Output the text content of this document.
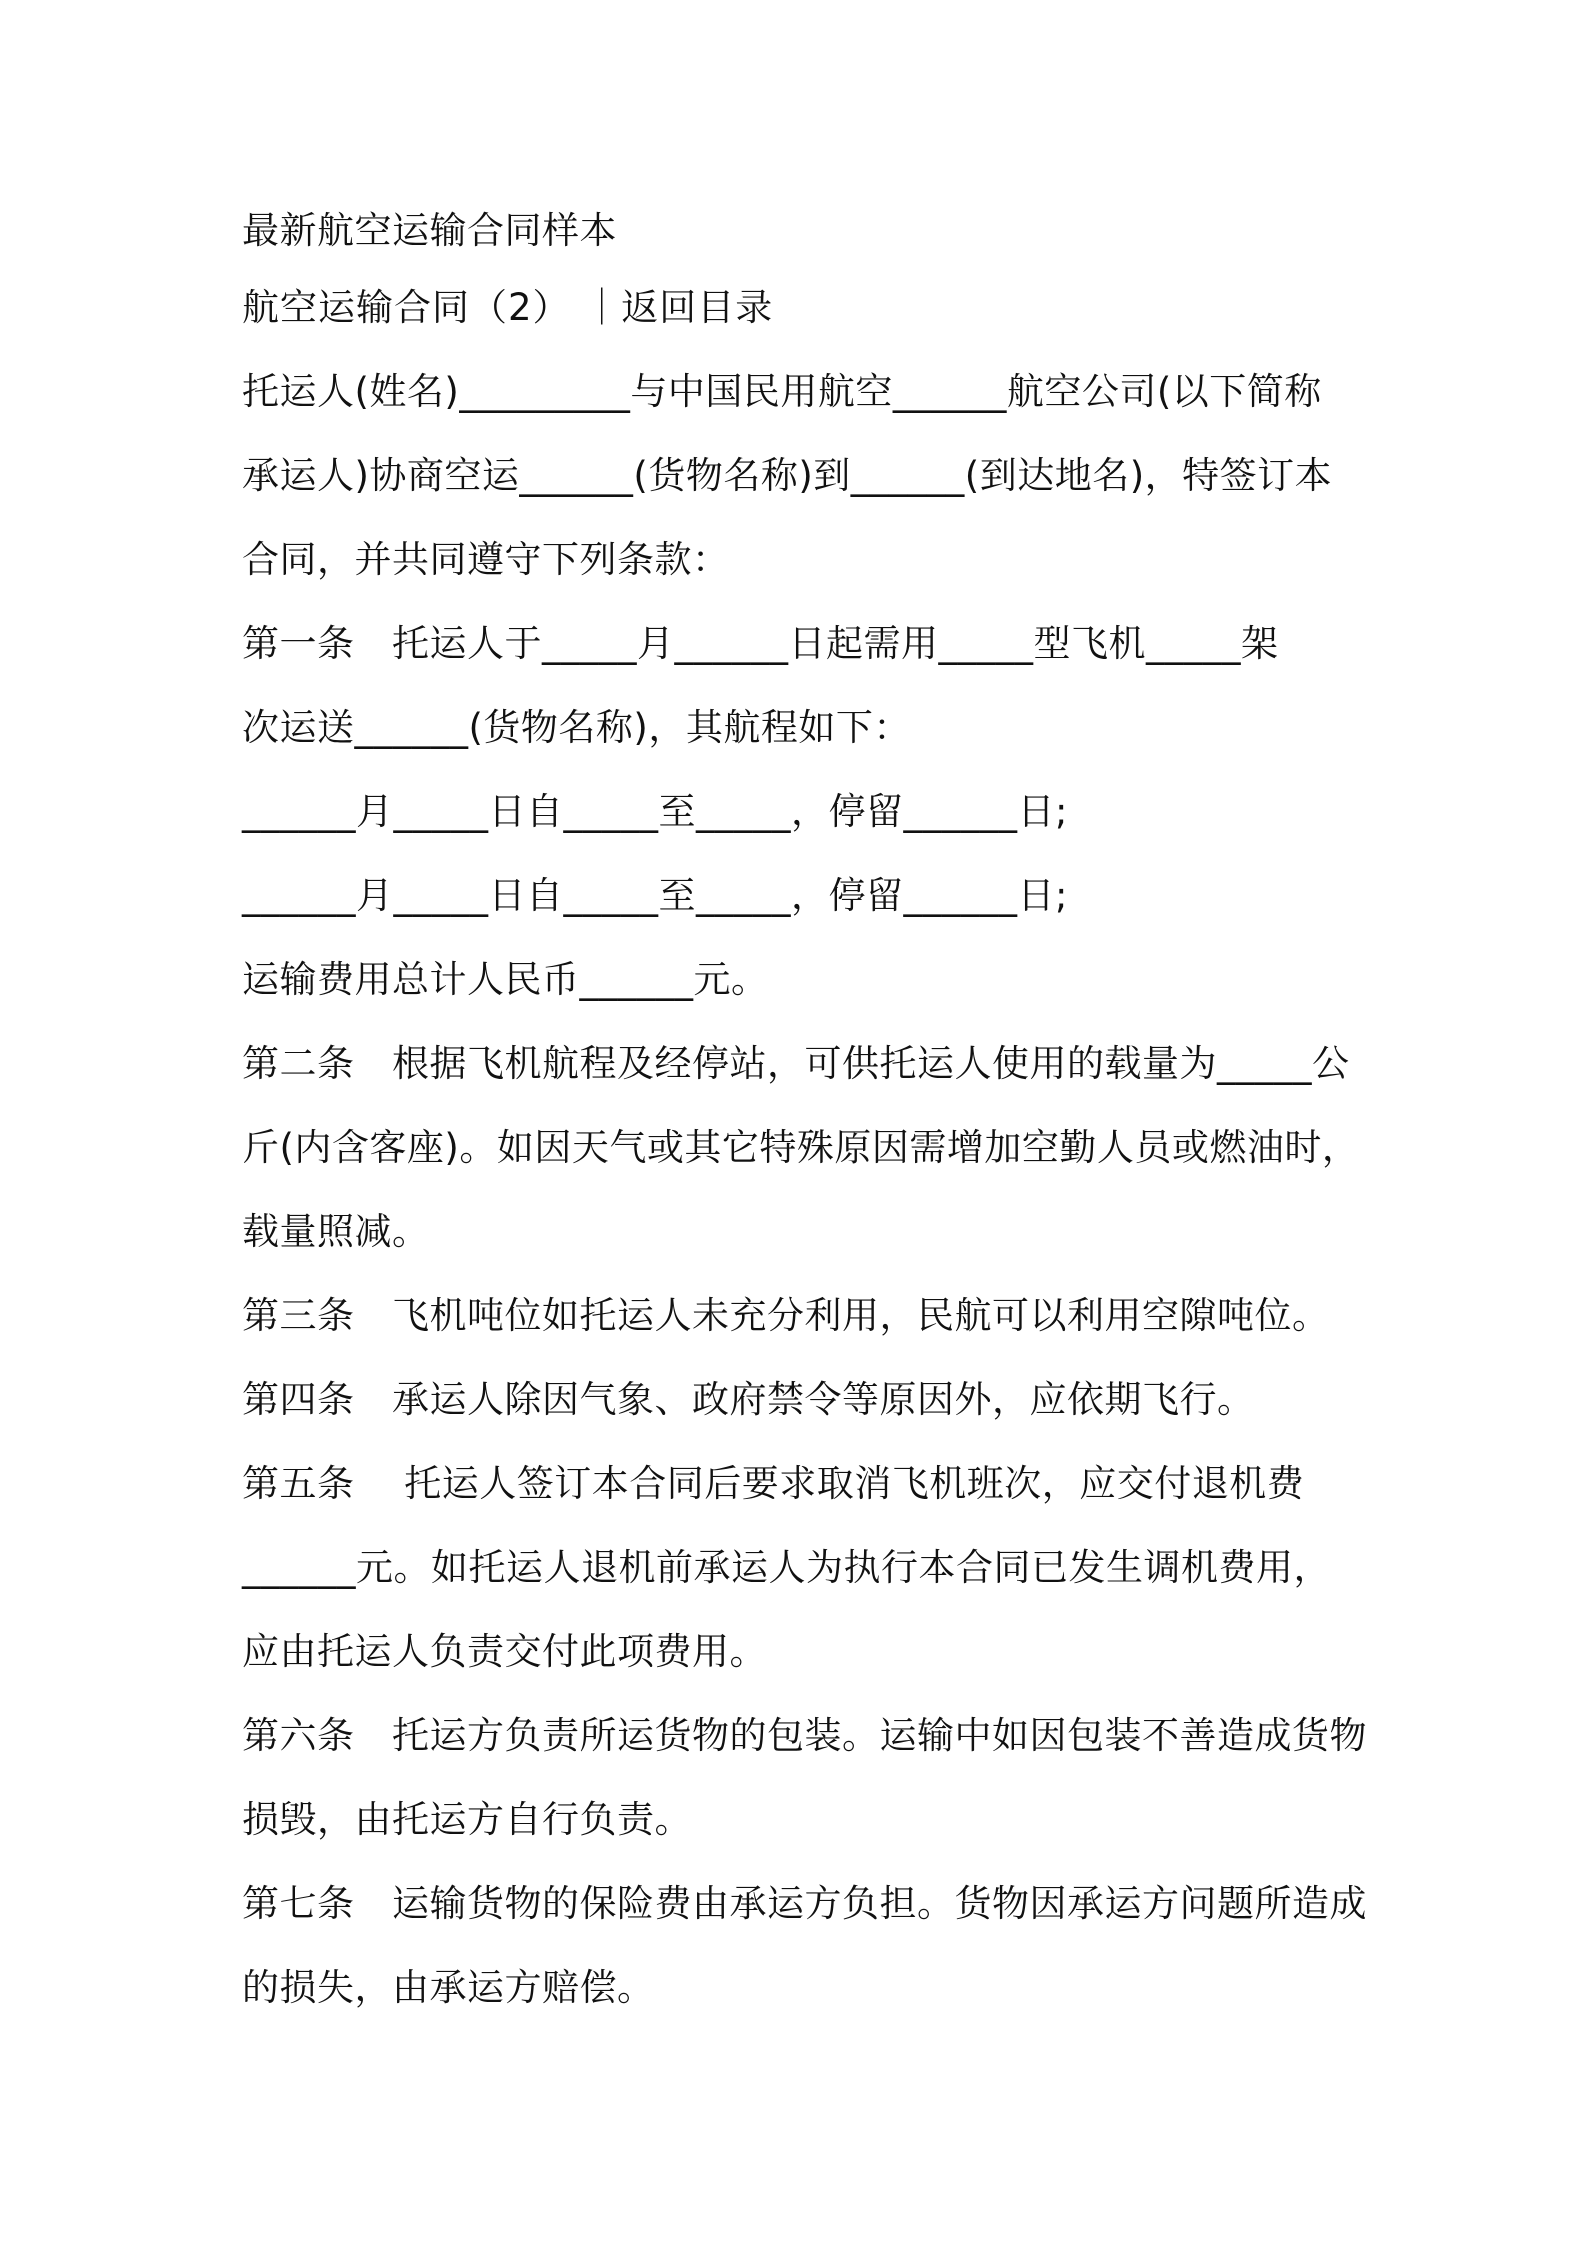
最新航空运输合同样本
航空运输合同（2） ｜返回目录
托运人(姓名)_________与中国民用航空______航空公司(以下简称
承运人)协商空运______(货物名称)到______(到达地名)，特签订本
合同，并共同遵守下列条款：
第一条　托运人于_____月______日起需用_____型飞机_____架
次运送______(货物名称)，其航程如下：
______月_____日自_____至_____，停留______日;
______月_____日自_____至_____，停留______日;
运输费用总计人民币______元。
第二条　根据飞机航程及经停站，可供托运人使用的载量为_____公
斤(内含客座)。如因天气或其它特殊原因需增加空勤人员或燃油时，
载量照减。
第三条　飞机吨位如托运人未充分利用，民航可以利用空隙吨位。
第四条　承运人除因气象、政府禁令等原因外，应依期飞行。
第五条　 托运人签订本合同后要求取消飞机班次，应交付退机费
______元。如托运人退机前承运人为执行本合同已发生调机费用，
应由托运人负责交付此项费用。
第六条　托运方负责所运货物的包装。运输中如因包装不善造成货物
损毁，由托运方自行负责。
第七条　运输货物的保险费由承运方负担。货物因承运方问题所造成
的损失，由承运方赔偿。
